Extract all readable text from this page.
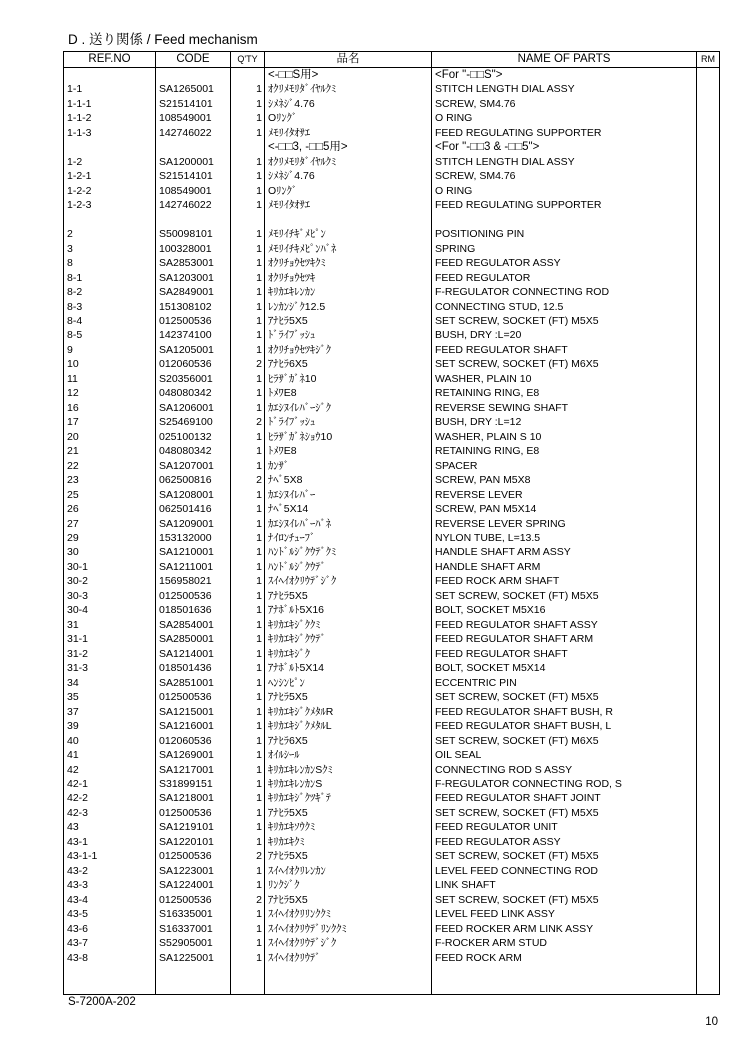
D . 送り関係 / Feed mechanism
REF.NO	CODE	Q'TY	品名	NAME OF PARTS	RM
			<-□□S用>	<For "-□□S">	
1-1	SA1265001	1	ｵｸﾘﾒﾓﾘﾀﾞｲﾔﾙｸﾐ	STITCH LENGTH DIAL ASSY	
1-1-1	S21514101	1	ｼﾒﾈｼﾞ4.76	SCREW, SM4.76	
1-1-2	108549001	1	Oﾘﾝｸﾞ	O RING	
1-1-3	142746022	1	ﾒﾓﾘｲﾀｵｻｴ	FEED REGULATING SUPPORTER	
			<-□□3, -□□5用>	<For "-□□3 & -□□5">	
1-2	SA1200001	1	ｵｸﾘﾒﾓﾘﾀﾞｲﾔﾙｸﾐ	STITCH LENGTH DIAL ASSY	
1-2-1	S21514101	1	ｼﾒﾈｼﾞ4.76	SCREW, SM4.76	
1-2-2	108549001	1	Oﾘﾝｸﾞ	O RING	
1-2-3	142746022	1	ﾒﾓﾘｲﾀｵｻｴ	FEED REGULATING SUPPORTER	

2	S50098101	1	ﾒﾓﾘｲﾁｷﾞﾒﾋﾟﾝ	POSITIONING PIN	
3	100328001	1	ﾒﾓﾘｲﾁｷﾒﾋﾟﾝﾊﾞﾈ	SPRING	
8	SA2853001	1	ｵｸﾘﾁｮｳｾﾂｷｸﾐ	FEED REGULATOR ASSY	
8-1	SA1203001	1	ｵｸﾘﾁｮｳｾﾂｷ	FEED REGULATOR	
8-2	SA2849001	1	ｷﾘｶｴｷﾚﾝｶﾝ	F-REGULATOR CONNECTING ROD	
8-3	151308102	1	ﾚﾝｶﾝｼﾞｸ12.5	CONNECTING STUD, 12.5	
8-4	012500536	1	ｱﾅﾋﾗ5X5	SET SCREW, SOCKET (FT) M5X5	
8-5	142374100	1	ﾄﾞﾗｲﾌﾞｯｼｭ	BUSH, DRY :L=20	
9	SA1205001	1	ｵｸﾘﾁｮｳｾﾂｷｼﾞｸ	FEED REGULATOR SHAFT	
10	012060536	2	ｱﾅﾋﾗ6X5	SET SCREW, SOCKET (FT) M6X5	
11	S20356001	1	ﾋﾗｻﾞｶﾞﾈ10	WASHER, PLAIN 10	
12	048080342	1	ﾄﾒﾜE8	RETAINING RING, E8	
16	SA1206001	1	ｶｴｼﾇｲﾚﾊﾞｰｼﾞｸ	REVERSE SEWING SHAFT	
17	S25469100	2	ﾄﾞﾗｲﾌﾞｯｼｭ	BUSH, DRY :L=12	
20	025100132	1	ﾋﾗｻﾞｶﾞﾈｼｮｳ10	WASHER, PLAIN S 10	
21	048080342	1	ﾄﾒﾜE8	RETAINING RING, E8	
22	SA1207001	1	ｶﾝｻﾞ	SPACER	
23	062500816	2	ﾅﾍﾞ5X8	SCREW, PAN M5X8	
25	SA1208001	1	ｶｴｼﾇｲﾚﾊﾞｰ	REVERSE LEVER	
26	062501416	1	ﾅﾍﾞ5X14	SCREW, PAN M5X14	
27	SA1209001	1	ｶｴｼﾇｲﾚﾊﾞｰﾊﾞﾈ	REVERSE LEVER SPRING	
29	153132000	1	ﾅｲﾛﾝﾁｭｰﾌﾞ	NYLON TUBE, L=13.5	
30	SA1210001	1	ﾊﾝﾄﾞﾙｼﾞｸｳﾃﾞｸﾐ	HANDLE SHAFT ARM ASSY	
30-1	SA1211001	1	ﾊﾝﾄﾞﾙｼﾞｸｳﾃﾞ	HANDLE SHAFT ARM	
30-2	156958021	1	ｽｲﾍｲｵｸﾘｳﾃﾞｼﾞｸ	FEED ROCK ARM SHAFT	
30-3	012500536	1	ｱﾅﾋﾗ5X5	SET SCREW, SOCKET (FT) M5X5	
30-4	018501636	1	ｱﾅﾎﾞﾙﾄ5X16	BOLT, SOCKET M5X16	
31	SA2854001	1	ｷﾘｶｴｷｼﾞｸｸﾐ	FEED REGULATOR SHAFT ASSY	
31-1	SA2850001	1	ｷﾘｶｴｷｼﾞｸｳﾃﾞ	FEED REGULATOR SHAFT ARM	
31-2	SA1214001	1	ｷﾘｶｴｷｼﾞｸ	FEED REGULATOR SHAFT	
31-3	018501436	1	ｱﾅﾎﾞﾙﾄ5X14	BOLT, SOCKET M5X14	
34	SA2851001	1	ﾍﾝｼﾝﾋﾟﾝ	ECCENTRIC PIN	
35	012500536	1	ｱﾅﾋﾗ5X5	SET SCREW, SOCKET (FT) M5X5	
37	SA1215001	1	ｷﾘｶｴｷｼﾞｸﾒﾀﾙR	FEED REGULATOR SHAFT BUSH, R	
39	SA1216001	1	ｷﾘｶｴｷｼﾞｸﾒﾀﾙL	FEED REGULATOR SHAFT BUSH, L	
40	012060536	1	ｱﾅﾋﾗ6X5	SET SCREW, SOCKET (FT) M6X5	
41	SA1269001	1	ｵｲﾙｼｰﾙ	OIL SEAL	
42	SA1217001	1	ｷﾘｶｴｷﾚﾝｶﾝSｸﾐ	CONNECTING ROD S ASSY	
42-1	S31899151	1	ｷﾘｶｴｷﾚﾝｶﾝS	F-REGULATOR CONNECTING ROD, S	
42-2	SA1218001	1	ｷﾘｶｴｷｼﾞｸﾂｷﾞﾃ	FEED REGULATOR SHAFT JOINT	
42-3	012500536	1	ｱﾅﾋﾗ5X5	SET SCREW, SOCKET (FT) M5X5	
43	SA1219101	1	ｷﾘｶｴｷｿｳｸﾐ	FEED REGULATOR UNIT	
43-1	SA1220101	1	ｷﾘｶｴｷｸﾐ	FEED REGULATOR ASSY	
43-1-1	012500536	2	ｱﾅﾋﾗ5X5	SET SCREW, SOCKET (FT) M5X5	
43-2	SA1223001	1	ｽｲﾍｲｵｸﾘﾚﾝｶﾝ	LEVEL FEED CONNECTING ROD	
43-3	SA1224001	1	ﾘﾝｸｼﾞｸ	LINK SHAFT	
43-4	012500536	2	ｱﾅﾋﾗ5X5	SET SCREW, SOCKET (FT) M5X5	
43-5	S16335001	1	ｽｲﾍｲｵｸﾘﾘﾝｸｸﾐ	LEVEL FEED LINK ASSY	
43-6	S16337001	1	ｽｲﾍｲｵｸﾘｳﾃﾞﾘﾝｸｸﾐ	FEED ROCKER ARM LINK ASSY	
43-7	S52905001	1	ｽｲﾍｲｵｸﾘｳﾃﾞｼﾞｸ	F-ROCKER ARM STUD	
43-8	SA1225001	1	ｽｲﾍｲｵｸﾘｳﾃﾞ	FEED ROCK ARM	

S-7200A-202
10
